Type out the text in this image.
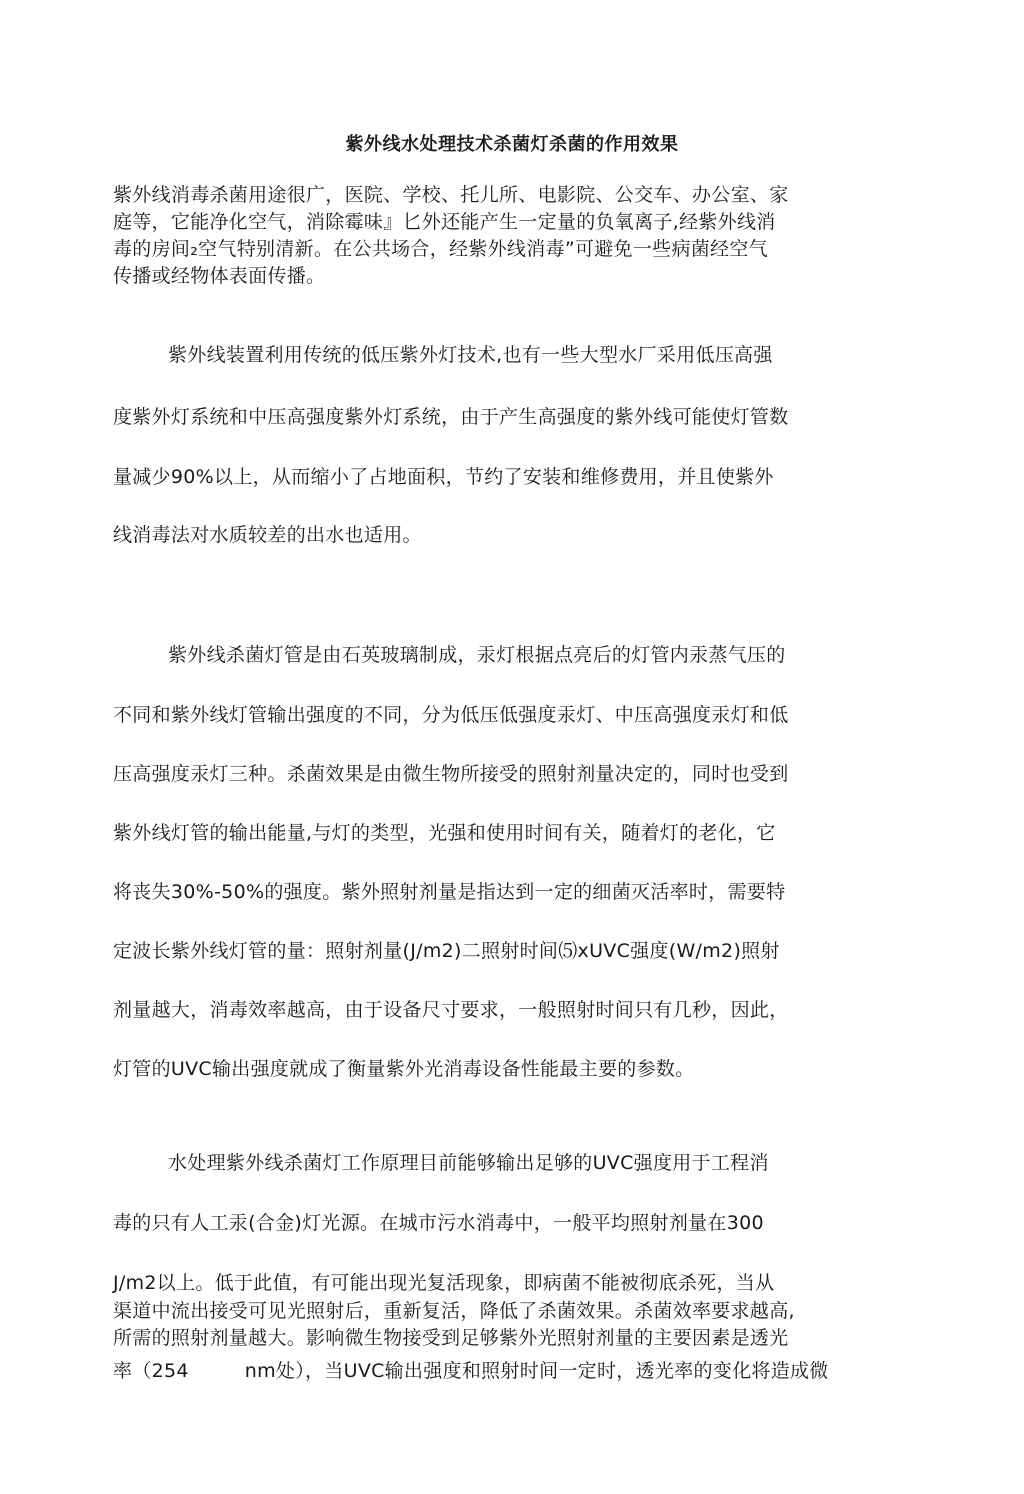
紫外线水处理技术杀菌灯杀菌的作用效果
紫外线消毒杀菌用途很广，医院、学校、托儿所、电影院、公交车、办公室、家
庭等，它能净化空气，消除霉味』匕外还能产生一定量的负氧离子,经紫外线消
毒的房间₂空气特别清新。在公共场合，经紫外线消毒”可避免一些病菌经空气
传播或经物体表面传播。
紫外线装置利用传统的低压紫外灯技术,也有一些大型水厂采用低压高强
度紫外灯系统和中压高强度紫外灯系统，由于产生高强度的紫外线可能使灯管数
量减少90%以上，从而缩小了占地面积，节约了安装和维修费用，并且使紫外
线消毒法对水质较差的出水也适用。
紫外线杀菌灯管是由石英玻璃制成，汞灯根据点亮后的灯管内汞蒸气压的
不同和紫外线灯管输出强度的不同，分为低压低强度汞灯、中压高强度汞灯和低
压高强度汞灯三种。杀菌效果是由微生物所接受的照射剂量决定的，同时也受到
紫外线灯管的输出能量,与灯的类型，光强和使用时间有关，随着灯的老化，它
将丧失30%-50%的强度。紫外照射剂量是指达到一定的细菌灭活率时，需要特
定波长紫外线灯管的量：照射剂量(J/m2)二照射时间⑸xUVC强度(W/m2)照射
剂量越大，消毒效率越高，由于设备尺寸要求，一般照射时间只有几秒，因此，
灯管的UVC输出强度就成了衡量紫外光消毒设备性能最主要的参数。
水处理紫外线杀菌灯工作原理目前能够输出足够的UVC强度用于工程消
毒的只有人工汞(合金)灯光源。在城市污水消毒中，一般平均照射剂量在300
J/m2以上。低于此值，有可能出现光复活现象，即病菌不能被彻底杀死，当从
渠道中流出接受可见光照射后，重新复活，降低了杀菌效果。杀菌效率要求越高,
所需的照射剂量越大。影响微生物接受到足够紫外光照射剂量的主要因素是透光
率（254	nm处），当UVC输出强度和照射时间一定时，透光率的变化将造成微
